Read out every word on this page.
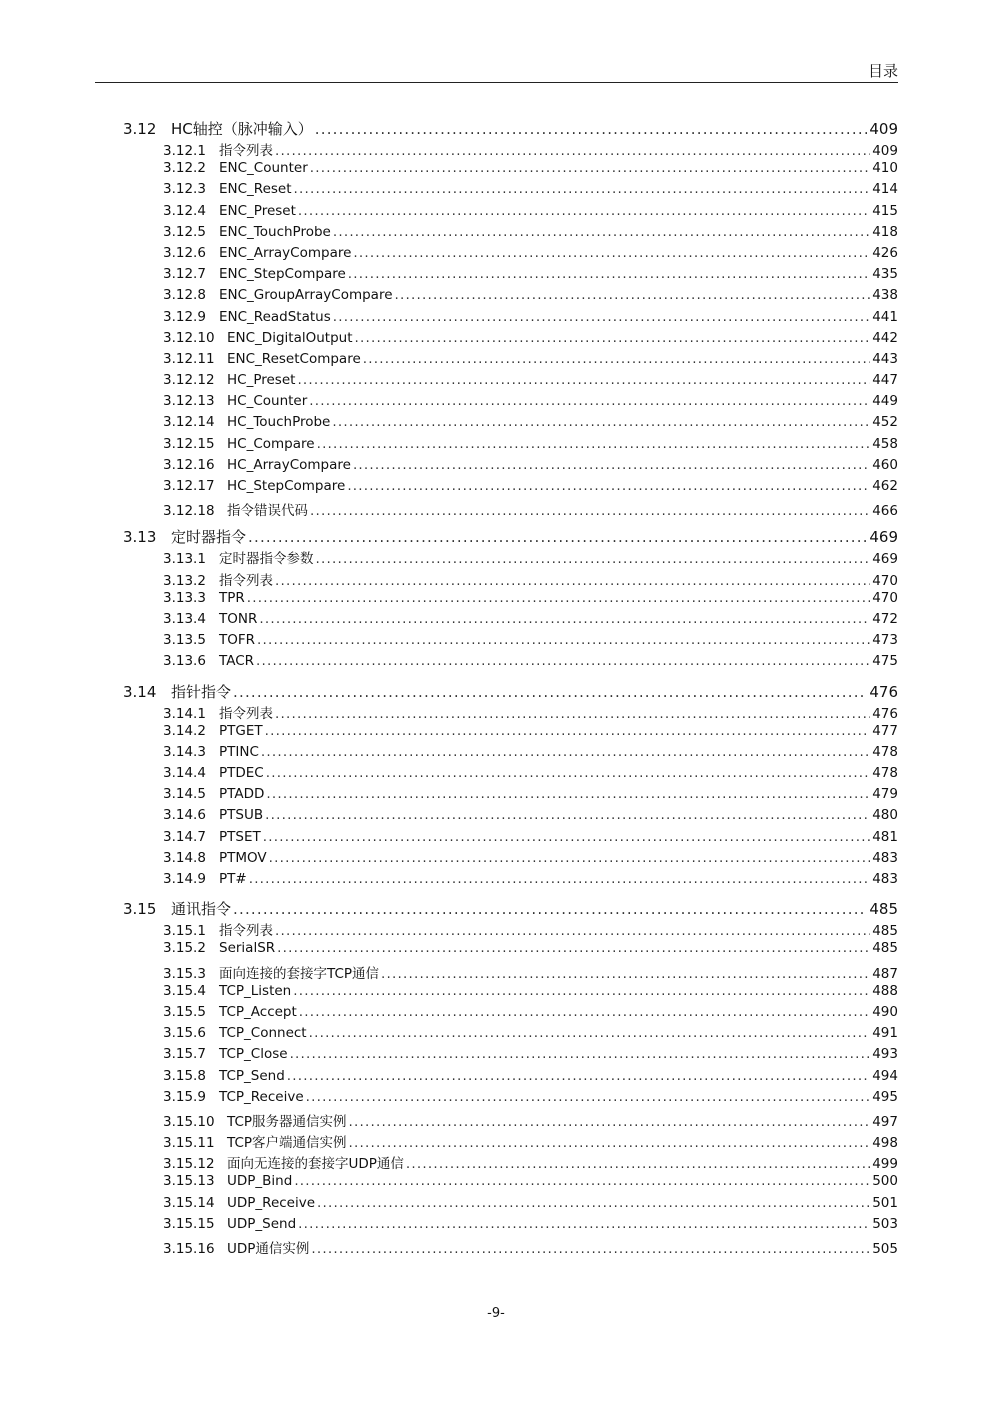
目录
3.12 HC轴控（脉冲输入） .....	409
3.12.1 指令列表 .....	409
3.12.2 ENC_Counter .....	410
3.12.3 ENC_Reset .....	414
3.12.4 ENC_Preset .....	415
3.12.5 ENC_TouchProbe .....	418
3.12.6 ENC_ArrayCompare .....	426
3.12.7 ENC_StepCompare .....	435
3.12.8 ENC_GroupArrayCompare .....	438
3.12.9 ENC_ReadStatus .....	441
3.12.10 ENC_DigitalOutput .....	442
3.12.11 ENC_ResetCompare .....	443
3.12.12 HC_Preset .....	447
3.12.13 HC_Counter .....	449
3.12.14 HC_TouchProbe .....	452
3.12.15 HC_Compare .....	458
3.12.16 HC_ArrayCompare .....	460
3.12.17 HC_StepCompare .....	462
3.12.18 指令错误代码 .....	466
3.13 定时器指令 .....	469
3.13.1 定时器指令参数 .....	469
3.13.2 指令列表 .....	470
3.13.3 TPR .....	470
3.13.4 TONR .....	472
3.13.5 TOFR .....	473
3.13.6 TACR .....	475
3.14 指针指令 .....	476
3.14.1 指令列表 .....	476
3.14.2 PTGET .....	477
3.14.3 PTINC .....	478
3.14.4 PTDEC .....	478
3.14.5 PTADD .....	479
3.14.6 PTSUB .....	480
3.14.7 PTSET .....	481
3.14.8 PTMOV .....	483
3.14.9 PT# .....	483
3.15 通讯指令 .....	485
3.15.1 指令列表 .....	485
3.15.2 SerialSR .....	485
3.15.3 面向连接的套接字TCP通信 .....	487
3.15.4 TCP_Listen .....	488
3.15.5 TCP_Accept .....	490
3.15.6 TCP_Connect .....	491
3.15.7 TCP_Close .....	493
3.15.8 TCP_Send .....	494
3.15.9 TCP_Receive .....	495
3.15.10 TCP服务器通信实例 .....	497
3.15.11 TCP客户端通信实例 .....	498
3.15.12 面向无连接的套接字UDP通信 .....	499
3.15.13 UDP_Bind .....	500
3.15.14 UDP_Receive .....	501
3.15.15 UDP_Send .....	503
3.15.16 UDP通信实例 .....	505
-9-
